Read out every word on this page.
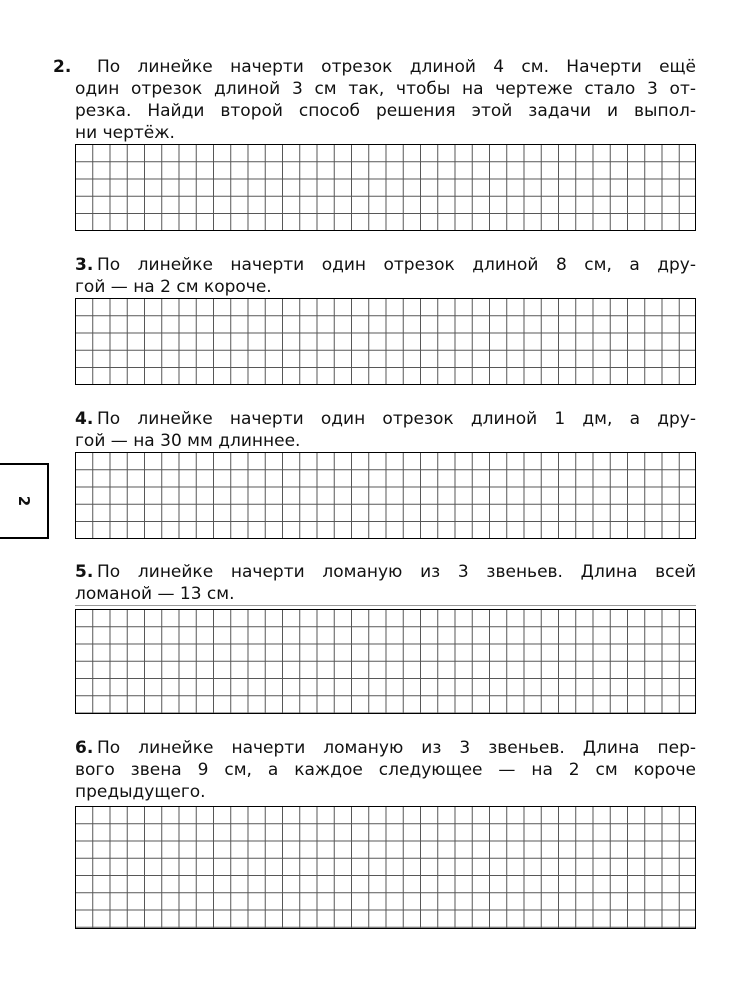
2
2. По линейке начерти отрезок длиной 4 см. Начерти ещё
один отрезок длиной 3 см так, чтобы на чертеже стало 3 от-
резка. Найди второй способ решения этой задачи и выпол-
ни чертёж.
3. По линейке начерти один отрезок длиной 8 см, а дру-
гой — на 2 см короче.
4. По линейке начерти один отрезок длиной 1 дм, а дру-
гой — на 30 мм длиннее.
5. По линейке начерти ломаную из 3 звеньев. Длина всей
ломаной — 13 см.
6. По линейке начерти ломаную из 3 звеньев. Длина пер-
вого звена 9 см, а каждое следующее — на 2 см короче
предыдущего.
